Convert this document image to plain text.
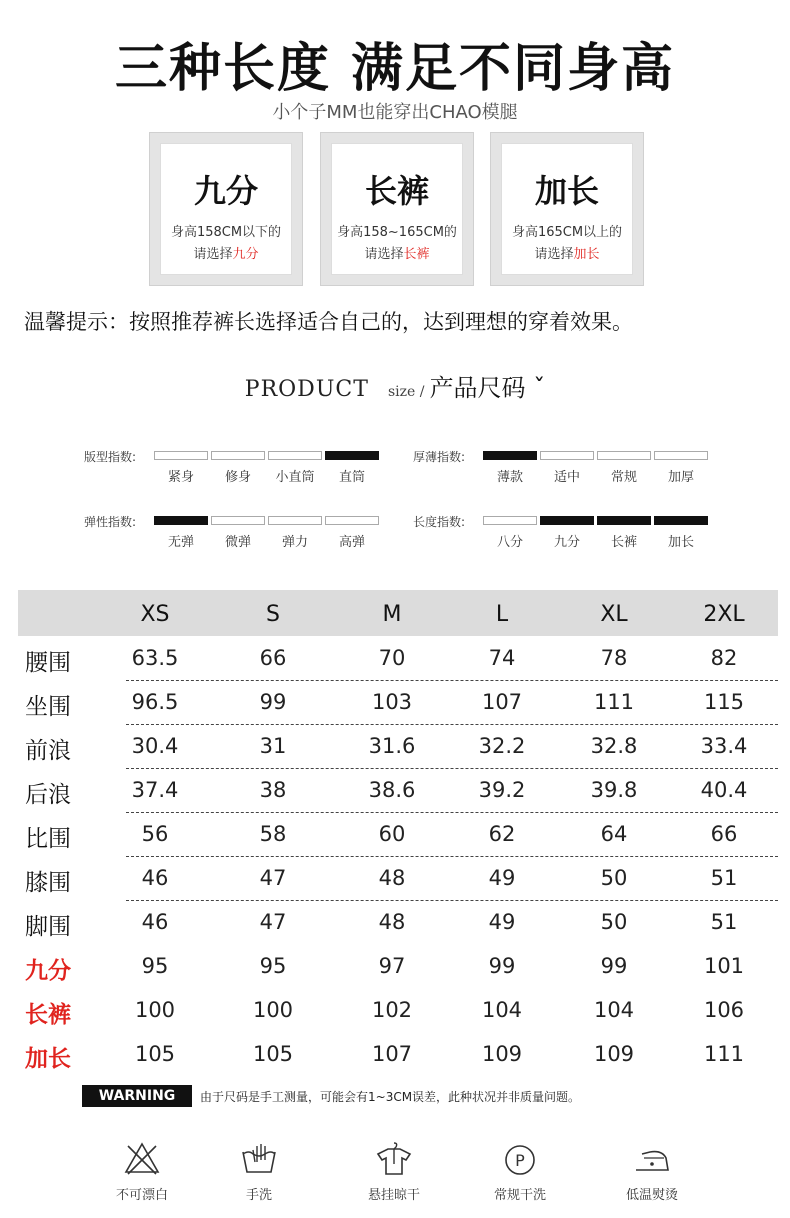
三种长度 满足不同身高
小个子MM也能穿出CHAO模腿
九分
身高158CM以下的
请选择九分
长裤
身高158~165CM的
请选择长裤
加长
身高165CM以上的
请选择加长
温馨提示：按照推荐裤长选择适合自己的，达到理想的穿着效果。
PRODUCT size / 产品尺码 ˇ
版型指数:
紧身	修身	小直筒	直筒
厚薄指数:
薄款	适中	常规	加厚
弹性指数:
无弹	微弹	弹力	高弹
长度指数:
八分	九分	长裤	加长
XS	S	M	L	XL	2XL
腰围	63.5	66	70	74	78	82
坐围	96.5	99	103	107	111	115
前浪	30.4	31	31.6	32.2	32.8	33.4
后浪	37.4	38	38.6	39.2	39.8	40.4
比围	56	58	60	62	64	66
膝围	46	47	48	49	50	51
脚围	46	47	48	49	50	51
九分	95	95	97	99	99	101
长裤	100	100	102	104	104	106
加长	105	105	107	109	109	111
WARNING	由于尺码是手工测量，可能会有1~3CM误差，此种状况并非质量问题。
P
不可漂白	手洗	悬挂晾干	常规干洗	低温熨烫
